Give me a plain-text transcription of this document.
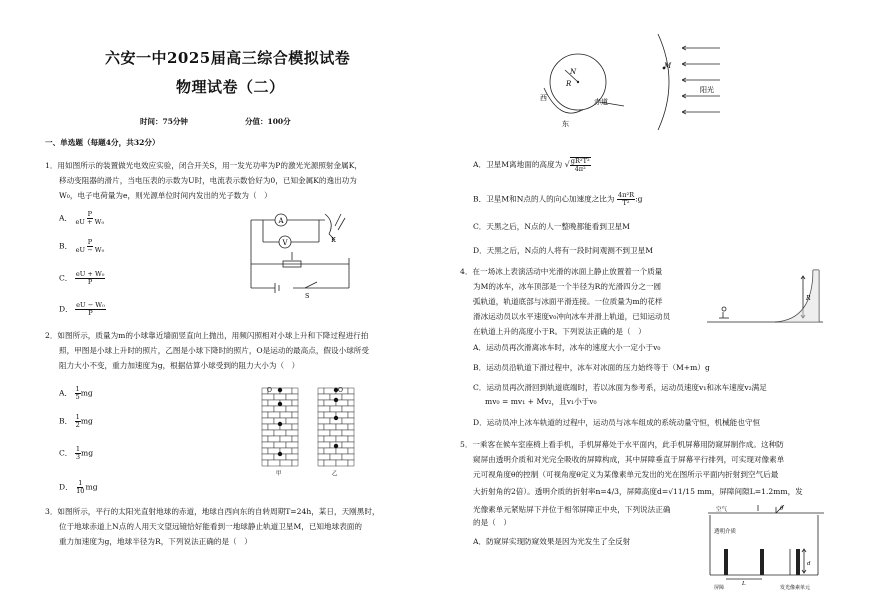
六安一中2025届高三综合模拟试卷
物理试卷（二）
时间：75分钟	分值：100分
一、单选题（每题4分，共32分）
1．用如图所示的装置做光电效应实验，闭合开关S，用一发光功率为P的激光光源照射金属K，
移动变阻器的滑片，当电压表的示数为U时，电流表示数恰好为0，已知金属K的逸出功为
W₀，电子电荷量为e，则光源单位时间内发出的光子数为（　）
A． $\frac{P}{\text{eU + W₀}}$
B． $\frac{P}{\text{eU − W₀}}$
C． $\frac{\text{eU + W₀}}{P}$
D． $\frac{\text{eU − W₀}}{P}$
A
V	K
S
2．如图所示，质量为m的小球靠近墙面竖直向上抛出，用频闪照相对小球上升和下降过程进行拍
照，甲图是小球上升时的照片，乙图是小球下降时的照片，O是运动的最高点，假设小球所受
阻力大小不变，重力加速度为g，根据估算小球受到的阻力大小为（　）
A． $\frac{1}{5}$ mg
B． $\frac{1}{2}$ mg
C． $\frac{1}{3}$ mg
D． $\frac{1}{10}$ mg
O	O
甲	乙
3．如图所示，平行的太阳光直射地球的赤道，地球自西向东的自转周期T=24h，某日，天刚黑时，
位于地球赤道上N点的人用天文望远镜恰好能看到一地球静止轨道卫星M，已知地球表面的
重力加速度为g，地球半径为R，下列说法正确的是（　）
N
R
M
西
东
赤道
阳光
A．卫星M离地面的高度为 √ $\frac{\text{gR²T²}}{\text{4π²}}$
B．卫星M和N点的人的向心加速度之比为 $\frac{\text{4π²R}}{\text{T²}}$ :g
C．天黑之后，N点的人一整晚都能看到卫星M
D．天黑之后，N点的人将有一段时间观测不到卫星M
4．在一场冰上表演活动中光滑的冰面上静止放置着一个质量
为M的冰车，冰车顶部是一个半径为R的光滑四分之一圆
弧轨道，轨道底部与冰面平滑连接。一位质量为m的花样
滑冰运动员以水平速度v₀冲向冰车并滑上轨道，已知运动员
在轨道上升的高度小于R。下列说法正确的是（　）
A．运动员再次滑离冰车时，冰车的速度大小一定小于v₀
B．运动员沿轨道下滑过程中，冰车对冰面的压力始终等于（M+m）g
C．运动员再次滑回到轨道底端时，若以冰面为参考系，运动员速度v₁和冰车速度v₂满足
mv₀ = mv₁ + Mv₂，且v₁小于v₀
D．运动员冲上冰车轨道的过程中，运动员与冰车组成的系统动量守恒，机械能也守恒
R
5．一乘客在候车室座椅上看手机，手机屏幕处于水平面内，此手机屏幕用防窥屏制作成。这种防
窥屏由透明介质和对光完全吸收的屏障构成，其中屏障垂直于屏幕平行排列，可实现对像素单
元可视角度θ的控制（可视角度θ定义为某像素单元发出的光在图所示平面内折射到空气后最
大折射角的2倍）。透明介质的折射率n=4/3，屏障高度d=√11/15 mm，屏障间隙L=1.2mm，发
光像素单元紧贴屏下并位于相邻屏障正中央，下列说法正确
的是（　）
A．防窥屏实现防窥效果是因为光发生了全反射
空气	θ
透明介质
d
L
屏障	发光像素单元
